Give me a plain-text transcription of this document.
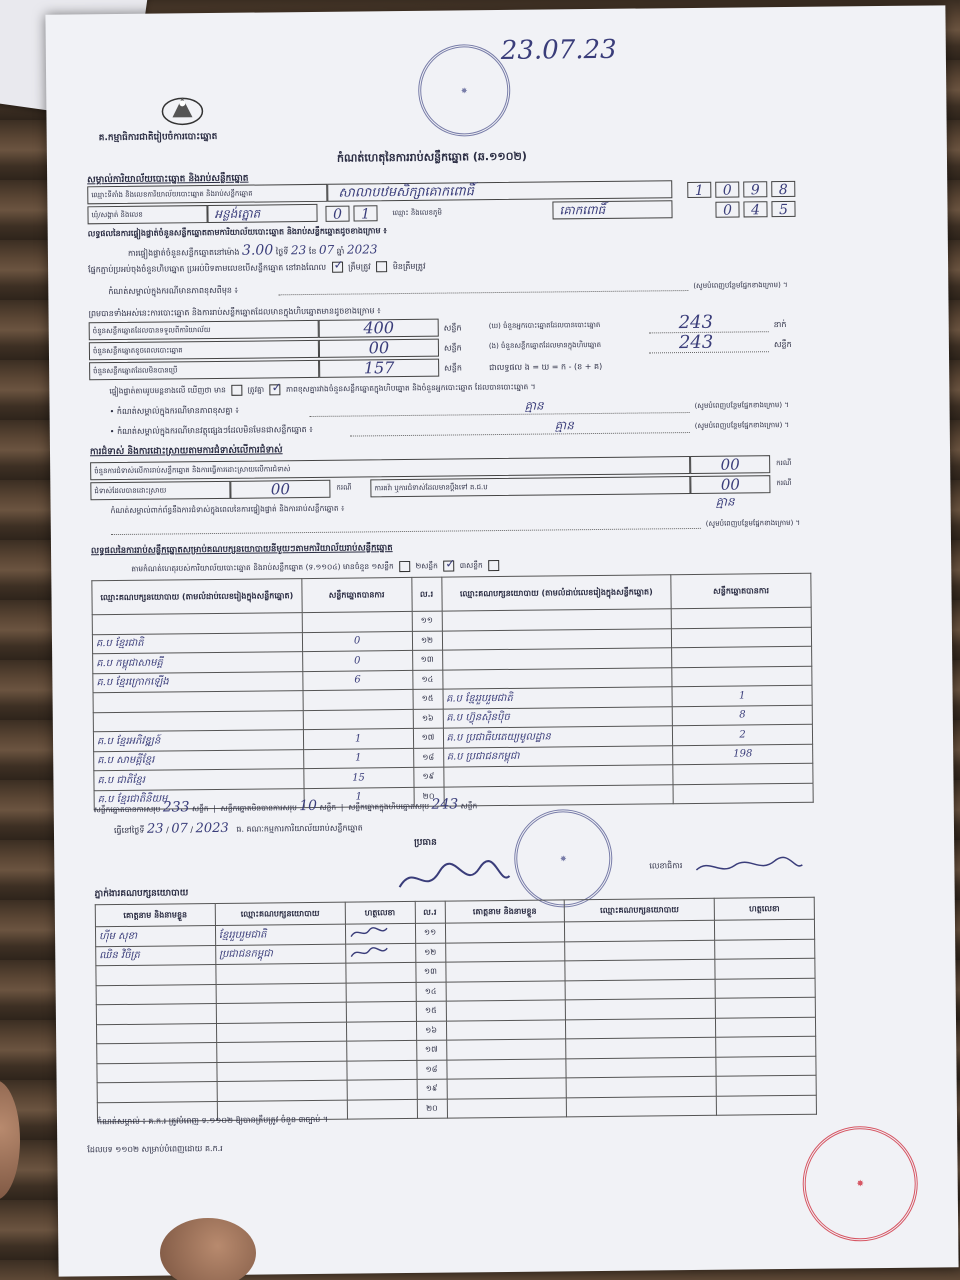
✸
23.07.23
គ.កម្មាធិការជាតិរៀបចំការបោះឆ្នោត
កំណត់ហេតុនៃការរាប់សន្លឹកឆ្នោត (ឆ.១១០២)
សម្គាល់ការិយាល័យបោះឆ្នោត និងរាប់សន្លឹកឆ្នោត
ឈ្មោះទីតាំង និងលេខការិយាល័យបោះឆ្នោត និងរាប់សន្លឹកឆ្នោត	សាលាបឋមសិក្សាគោកពោធិ៍	1	0	9	8
ឃុំ/សង្កាត់ និងលេខ	អន្លង់ត្នោត	0	1	ឈ្មោះ និងលេខភូមិ	គោកពោធិ៍	0	4	5
លទ្ធផលនៃការផ្ទៀងផ្ទាត់ចំនួនសន្លឹកឆ្នោតតាមការិយាល័យបោះឆ្នោត និងរាប់សន្លឹកឆ្នោតដូចខាងក្រោម ៖
ការផ្ទៀងផ្ទាត់ចំនួនសន្លឹកឆ្នោតនៅម៉ោង 3.00 ថ្ងៃទី 23 ខែ 07 ឆ្នាំ 2023
ផ្នែកភ្ជាប់ប្រអប់ចុងចំនួនហិបឆ្នោត ប្រអប់បិទតាមលេខបើសន្លឹកឆ្នោត នៅរាងណែល ✓ ត្រឹមត្រូវ	មិនត្រឹមត្រូវ
កំណត់សម្គាល់ក្នុងករណីមានភាពខុសពីមុន ៖
(សូមបំពេញបន្ថែមផ្នែកខាងក្រោម) ។
ព្រមបានទាំងអស់នេះការបោះឆ្នោត និងការរាប់សន្លឹកឆ្នោតដែលមានក្នុងហិបឆ្នោតមានដូចខាងក្រោម ៖
ចំនួនសន្លឹកឆ្នោតដែលបានទទួលពីការិយាល័យ	400	សន្លឹក
ចំនួនសន្លឹកឆ្នោតខូចពេលបោះឆ្នោត	00	សន្លឹក
ចំនួនសន្លឹកឆ្នោតដែលមិនបានប្រើ	157	សន្លឹក
(ឃ) ចំនួនអ្នកបោះឆ្នោតដែលបានបោះឆ្នោត	243	នាក់
(ង) ចំនួនសន្លឹកឆ្នោតដែលមានក្នុងហិបឆ្នោត	243	សន្លឹក
ជាលទ្ធផល ង = ឃ = ក - (ខ + គ)
ផ្ទៀងផ្ទាត់តាមរូបមន្តខាងលើ ឃើញថា មាន	ត្រូវគ្នា ✓ ភាពខុសគ្នារវាងចំនួនសន្លឹកឆ្នោតក្នុងហិបឆ្នោត និងចំនួនអ្នកបោះឆ្នោត ដែលបានបោះឆ្នោត ។
• កំណត់សម្គាល់ក្នុងករណីមានភាពខុសគ្នា ៖	គ្មាន	(សូមបំពេញបន្ថែមផ្នែកខាងក្រោម) ។
• កំណត់សម្គាល់ក្នុងករណីមានវត្ថុផ្សេងៗដែលមិនមែនជាសន្លឹកឆ្នោត ៖	គ្មាន	(សូមបំពេញបន្ថែមផ្នែកខាងក្រោម) ។
ការជំទាស់ និងការដោះស្រាយតាមការជំទាស់លើការជំទាស់
ចំនួនការជំទាស់លើការរាប់សន្លឹកឆ្នោត និងការធ្វើការដោះស្រាយលើការជំទាស់	00	ករណី
ជំទាស់ដែលបានដោះស្រាយ	00	ករណី	ការតវ៉ា ឬការជំទាស់ដែលមានប្តឹងទៅ គ.ជ.ប	00	ករណី
កំណត់សម្គាល់ពាក់ព័ន្ធនឹងការជំទាស់ក្នុងពេលនៃការផ្ទៀងផ្ទាត់ និងការរាប់សន្លឹកឆ្នោត ៖
គ្មាន
(សូមបំពេញបន្ថែមផ្នែកខាងក្រោម) ។
លទ្ធផលនៃការរាប់សន្លឹកឆ្នោតសម្រាប់គណបក្សនយោបាយនីមួយៗតាមការិយាល័យរាប់សន្លឹកឆ្នោត
តាមកំណត់ហេតុរបស់ការិយាល័យបោះឆ្នោត និងរាប់សន្លឹកឆ្នោត (ទ.១១០៤) មានចំនួន ១សន្លឹក	២សន្លឹក ✓ ៣សន្លឹក
ឈ្មោះគណបក្សនយោបាយ (តាមលំដាប់លេខរៀងក្នុងសន្លឹកឆ្នោត)	សន្លឹកឆ្នោតបានការ	ល.រ	ឈ្មោះគណបក្សនយោបាយ (តាមលំដាប់លេខរៀងក្នុងសន្លឹកឆ្នោត)	សន្លឹកឆ្នោតបានការ
		១១		
គ.ប ខ្មែរជាតិ	0	១២		
គ.ប កម្ពុជាសាមគ្គី	0	១៣		
គ.ប ខ្មែរក្រោកឡើង	6	១៤		
		១៥	គ.ប ខ្មែររួបរួមជាតិ	1
		១៦	គ.ប ហ៊្វុនស៊ិនប៉ិច	8
គ.ប ខ្មែរអភិវឌ្ឍន៍	1	១៧	គ.ប ប្រជាធិបតេយ្យមូលដ្ឋាន	2
គ.ប សាមគ្គីខ្មែរ	1	១៨	គ.ប ប្រជាជនកម្ពុជា	198
គ.ប ជាតិខ្មែរ	15	១៩		
គ.ប ខ្មែរជាតិនិយម	1	២០		
សន្លឹកឆ្នោតបានការសរុប 233 សន្លឹក  |  សន្លឹកឆ្នោតមិនបានការសរុប 10 សន្លឹក  |  សន្លឹកឆ្នោតក្នុងហិបឆ្នោតសរុប 243 សន្លឹក
ធ្វើនៅថ្ងៃទី 23 / 07 / 2023 ធ. គណៈកម្មការការិយាល័យរាប់សន្លឹកឆ្នោត
ប្រធាន
✸
លេខាធិការ
ភ្នាក់ងារគណបក្សនយោបាយ
គោត្តនាម និងនាមខ្លួន	ឈ្មោះគណបក្សនយោបាយ	ហត្ថលេខា	ល.រ	គោត្តនាម និងនាមខ្លួន	ឈ្មោះគណបក្សនយោបាយ	ហត្ថលេខា
ហ៊ីម សុខា	ខ្មែររួបរួមជាតិ		១១			
ឈិន វិចិត្រ	ប្រជាជនកម្ពុជា		១២			
			១៣			
			១៤			
			១៥			
			១៦			
			១៧			
			១៨			
			១៩			
			២០			
កំណត់សម្គាល់ ៖ គ.ក.រ ត្រូវបំពេញ ទ.១១០២ ឱ្យបានត្រឹមត្រូវ ចំនួន ៣ច្បាប់ ។
ដែលបទ ១១០២ សម្រាប់បំពេញដោយ គ.ក.រ
✸
